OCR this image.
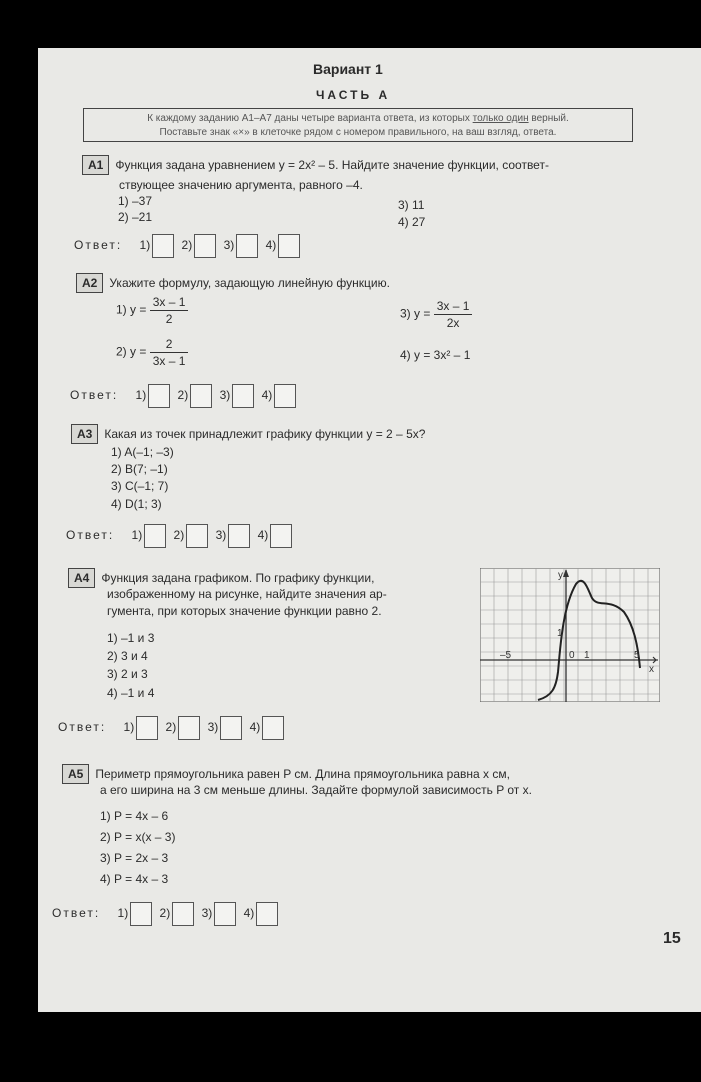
Вариант 1
ЧАСТЬ А
К каждому заданию А1–А7 даны четыре варианта ответа, из которых только один верный.
Поставьте знак «×» в клеточке рядом с номером правильного, на ваш взгляд, ответа.
А1 Функция задана уравнением y = 2x² – 5. Найдите значение функции, соответ-
ствующее значению аргумента, равного –4.
1) –37
2) –21
3) 11
4) 27
Ответ: 1)	2)	3)	4)
А2 Укажите формулу, задающую линейную функцию.
1) $y = \frac{3x - 1}{2}$
2) $y = \frac{2}{3x - 1}$
3) $y = \frac{3x - 1}{2x}$
4) y = 3x² – 1
Ответ: 1)	2)	3)	4)
А3 Какая из точек принадлежит графику функции y = 2 – 5x?
1) A(–1; –3)
2) B(7; –1)
3) C(–1; 7)
4) D(1; 3)
Ответ: 1)	2)	3)	4)
А4 Функция задана графиком. По графику функции,
изображенному на рисунке, найдите значения ар-
гумента, при которых значение функции равно 2.
1) –1 и 3
2) 3 и 4
3) 2 и 3
4) –1 и 4
y
x
–5	0 1	5
1
Ответ: 1)	2)	3)	4)
А5 Периметр прямоугольника равен P см. Длина прямоугольника равна x см,
а его ширина на 3 см меньше длины. Задайте формулой зависимость P от x.
1) P = 4x – 6
2) P = x(x – 3)
3) P = 2x – 3
4) P = 4x – 3
Ответ: 1)	2)	3)	4)
15
